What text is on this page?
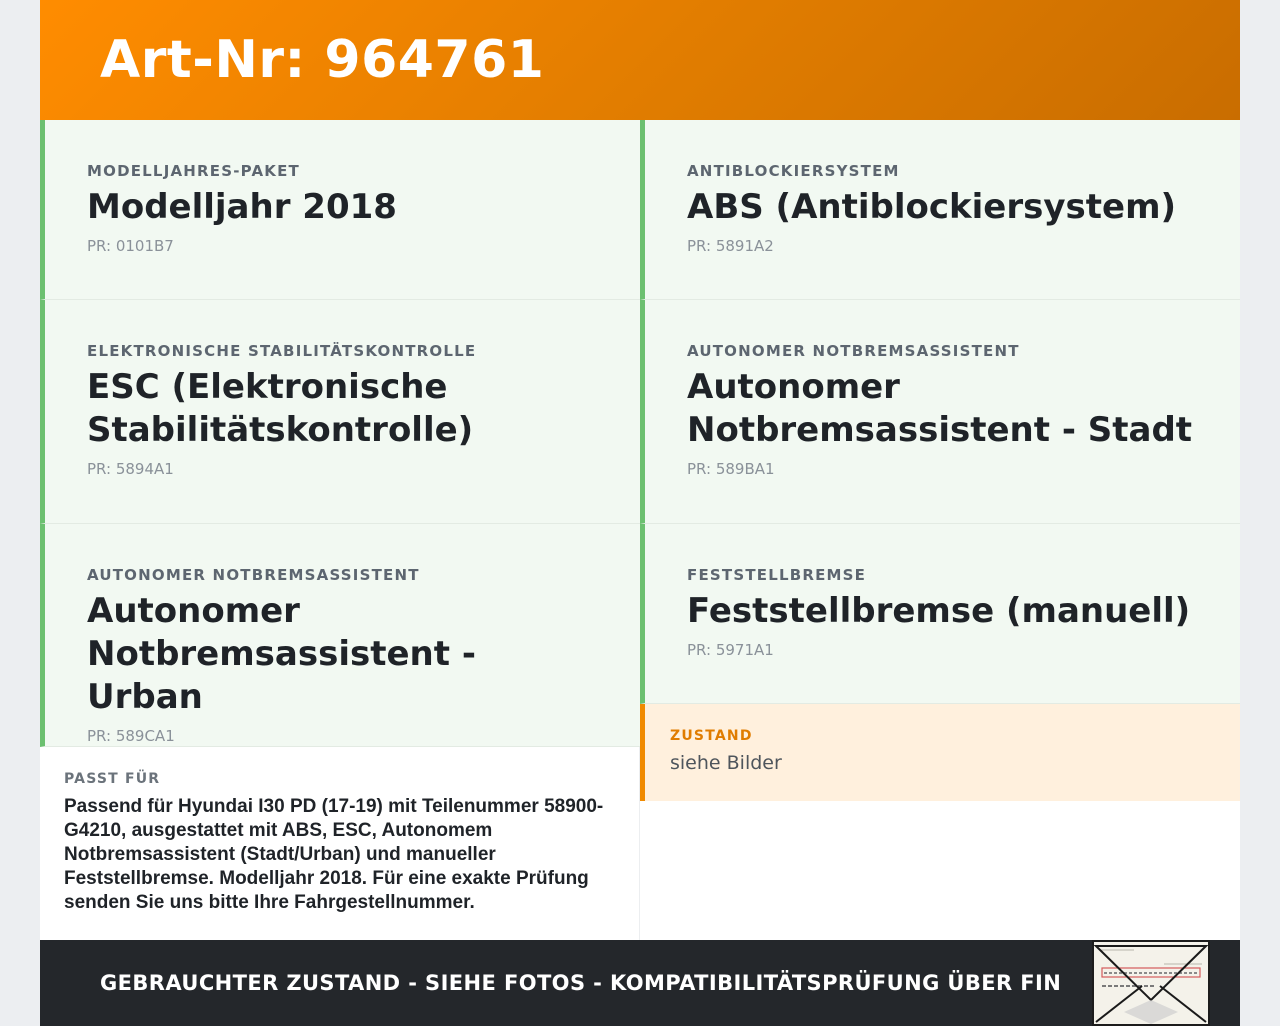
Art-Nr: 964761
MODELLJAHRES-PAKET
Modelljahr 2018
PR: 0101B7
ANTIBLOCKIERSYSTEM
ABS (Antiblockiersystem)
PR: 5891A2
ELEKTRONISCHE STABILITÄTSKONTROLLE
ESC (Elektronische Stabilitätskontrolle)
PR: 5894A1
AUTONOMER NOTBREMSASSISTENT
Autonomer Notbremsassistent - Stadt
PR: 589BA1
AUTONOMER NOTBREMSASSISTENT
Autonomer Notbremsassistent - Urban
PR: 589CA1
FESTSTELLBREMSE
Feststellbremse (manuell)
PR: 5971A1
ZUSTAND
siehe Bilder
PASST FÜR
Passend für Hyundai I30 PD (17-19) mit Teilenummer 58900-G4210, ausgestattet mit ABS, ESC, Autonomem Notbremsassistent (Stadt/Urban) und manueller Feststellbremse. Modelljahr 2018. Für eine exakte Prüfung senden Sie uns bitte Ihre Fahrgestellnummer.
GEBRAUCHTER ZUSTAND - SIEHE FOTOS - KOMPATIBILITÄTSPRÜFUNG ÜBER FIN
